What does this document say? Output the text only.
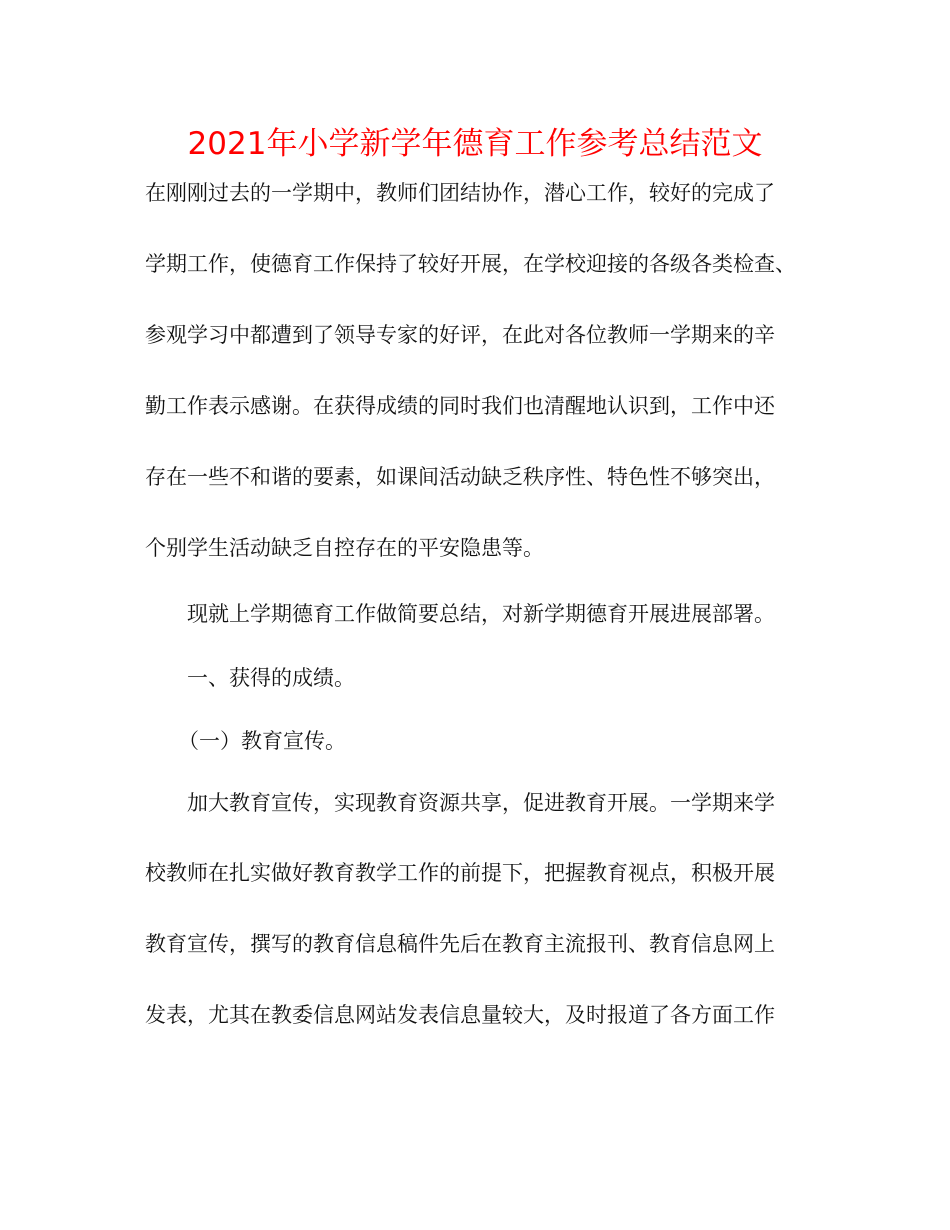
2021年小学新学年德育工作参考总结范文
在刚刚过去的一学期中，教师们团结协作，潜心工作，较好的完成了
学期工作，使德育工作保持了较好开展，在学校迎接的各级各类检查、
参观学习中都遭到了领导专家的好评，在此对各位教师一学期来的辛
勤工作表示感谢。在获得成绩的同时我们也清醒地认识到，工作中还
存在一些不和谐的要素，如课间活动缺乏秩序性、特色性不够突出，
个别学生活动缺乏自控存在的平安隐患等。
现就上学期德育工作做简要总结，对新学期德育开展进展部署。
一、获得的成绩。
（一）教育宣传。
加大教育宣传，实现教育资源共享，促进教育开展。一学期来学
校教师在扎实做好教育教学工作的前提下，把握教育视点，积极开展
教育宣传，撰写的教育信息稿件先后在教育主流报刊、教育信息网上
发表，尤其在教委信息网站发表信息量较大，及时报道了各方面工作
